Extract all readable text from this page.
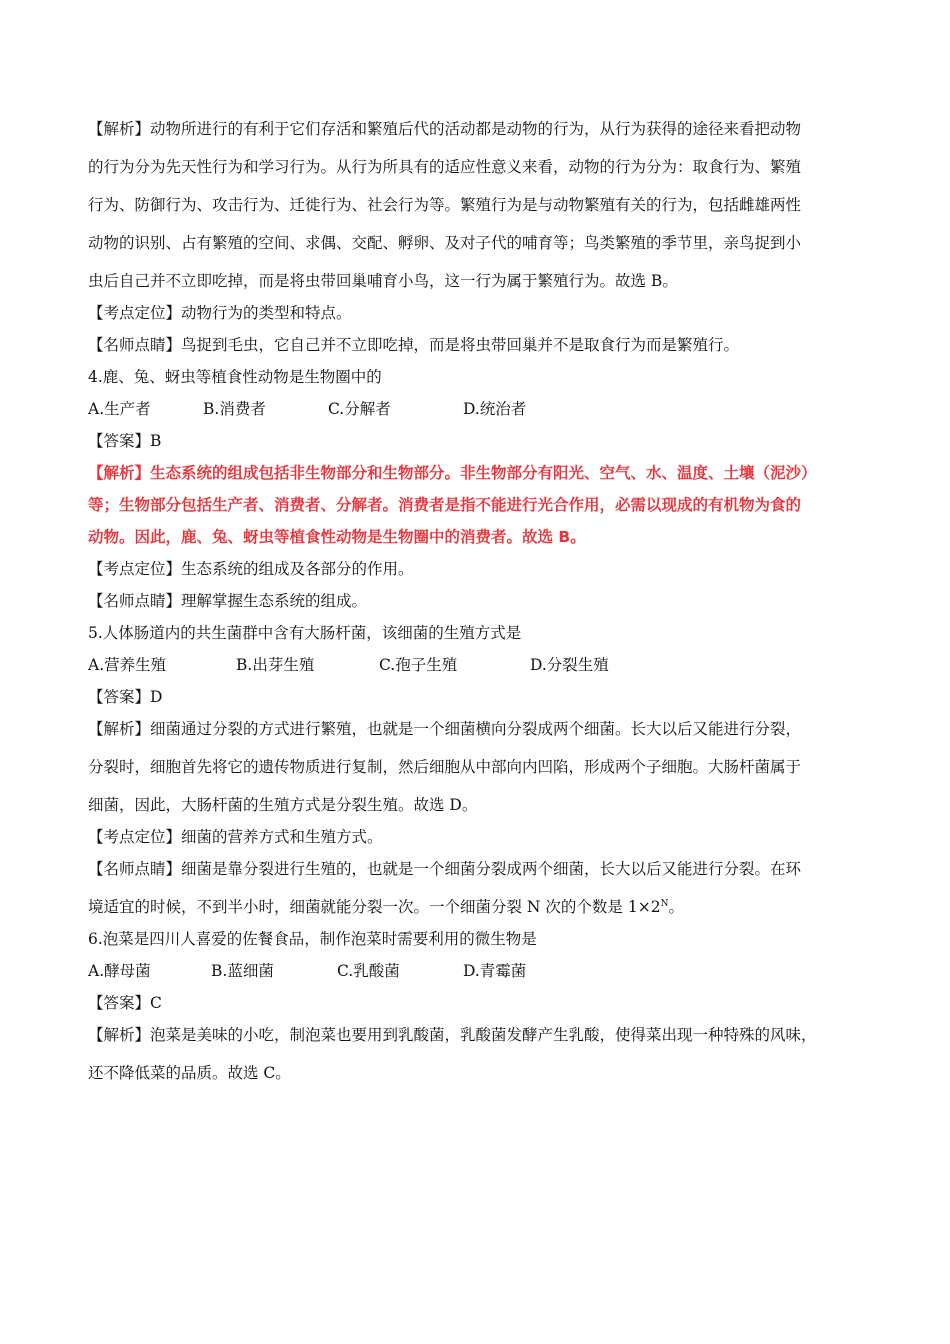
【解析】动物所进行的有利于它们存活和繁殖后代的活动都是动物的行为，从行为获得的途径来看把动物
的行为分为先天性行为和学习行为。从行为所具有的适应性意义来看，动物的行为分为：取食行为、繁殖
行为、防御行为、攻击行为、迁徙行为、社会行为等。繁殖行为是与动物繁殖有关的行为，包括雌雄两性
动物的识别、占有繁殖的空间、求偶、交配、孵卵、及对子代的哺育等；鸟类繁殖的季节里，亲鸟捉到小
虫后自己并不立即吃掉，而是将虫带回巢哺育小鸟，这一行为属于繁殖行为。故选 B。
【考点定位】动物行为的类型和特点。
【名师点睛】鸟捉到毛虫，它自己并不立即吃掉，而是将虫带回巢并不是取食行为而是繁殖行。
4.鹿、兔、蚜虫等植食性动物是生物圈中的
A.生产者	B.消费者	C.分解者	D.统治者
【答案】B
【解析】生态系统的组成包括非生物部分和生物部分。非生物部分有阳光、空气、水、温度、土壤（泥沙）
等；生物部分包括生产者、消费者、分解者。消费者是指不能进行光合作用，必需以现成的有机物为食的
动物。因此，鹿、兔、蚜虫等植食性动物是生物圈中的消费者。故选 B。
【考点定位】生态系统的组成及各部分的作用。
【名师点睛】理解掌握生态系统的组成。
5.人体肠道内的共生菌群中含有大肠杆菌，该细菌的生殖方式是
A.营养生殖	B.出芽生殖	C.孢子生殖	D.分裂生殖
【答案】D
【解析】细菌通过分裂的方式进行繁殖，也就是一个细菌横向分裂成两个细菌。长大以后又能进行分裂，
分裂时，细胞首先将它的遗传物质进行复制，然后细胞从中部向内凹陷，形成两个子细胞。大肠杆菌属于
细菌，因此，大肠杆菌的生殖方式是分裂生殖。故选 D。
【考点定位】细菌的营养方式和生殖方式。
【名师点睛】细菌是靠分裂进行生殖的，也就是一个细菌分裂成两个细菌，长大以后又能进行分裂。在环
境适宜的时候，不到半小时，细菌就能分裂一次。一个细菌分裂 N 次的个数是 $1\times 2^N$。
6.泡菜是四川人喜爱的佐餐食品，制作泡菜时需要利用的微生物是
A.酵母菌	B.蓝细菌	C.乳酸菌	D.青霉菌
【答案】C
【解析】泡菜是美味的小吃，制泡菜也要用到乳酸菌，乳酸菌发酵产生乳酸，使得菜出现一种特殊的风味，
还不降低菜的品质。故选 C。
